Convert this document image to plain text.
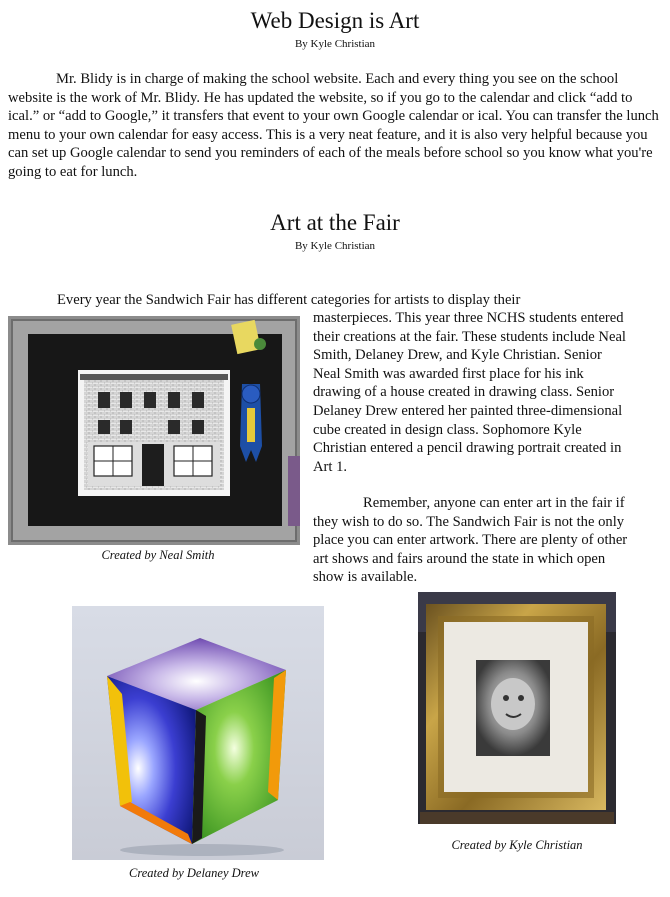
Web Design is Art
By Kyle Christian
Mr. Blidy is in charge of making the school website. Each and every thing you see on the school website is the work of Mr. Blidy. He has updated the website, so if you go to the calendar and click “add to ical.” or “add to Google,” it transfers that event to your own Google calendar or ical. You can transfer the lunch menu to your own calendar for easy access. This is a very neat feature, and it is also very helpful because you can set up Google calendar to send you reminders of each of the meals before school so you know what you're going to eat for lunch.
Art at the Fair
By Kyle Christian
Every year the Sandwich Fair has different categories for artists to display their
masterpieces. This year three NCHS students entered
their creations at the fair. These students include Neal
Smith, Delaney Drew, and Kyle Christian. Senior
Neal Smith was awarded first place for his ink
drawing of a house created in drawing class. Senior
Delaney Drew entered her painted three-dimensional
cube created in design class. Sophomore Kyle
Christian entered a pencil drawing portrait created in
Art 1.
Remember, anyone can enter art in the fair if
they wish to do so. The Sandwich Fair is not the only
place you can enter artwork. There are plenty of other
art shows and fairs around the state in which open
show is available.
Created by Neal Smith
Created by Delaney Drew
Created by Kyle Christian
